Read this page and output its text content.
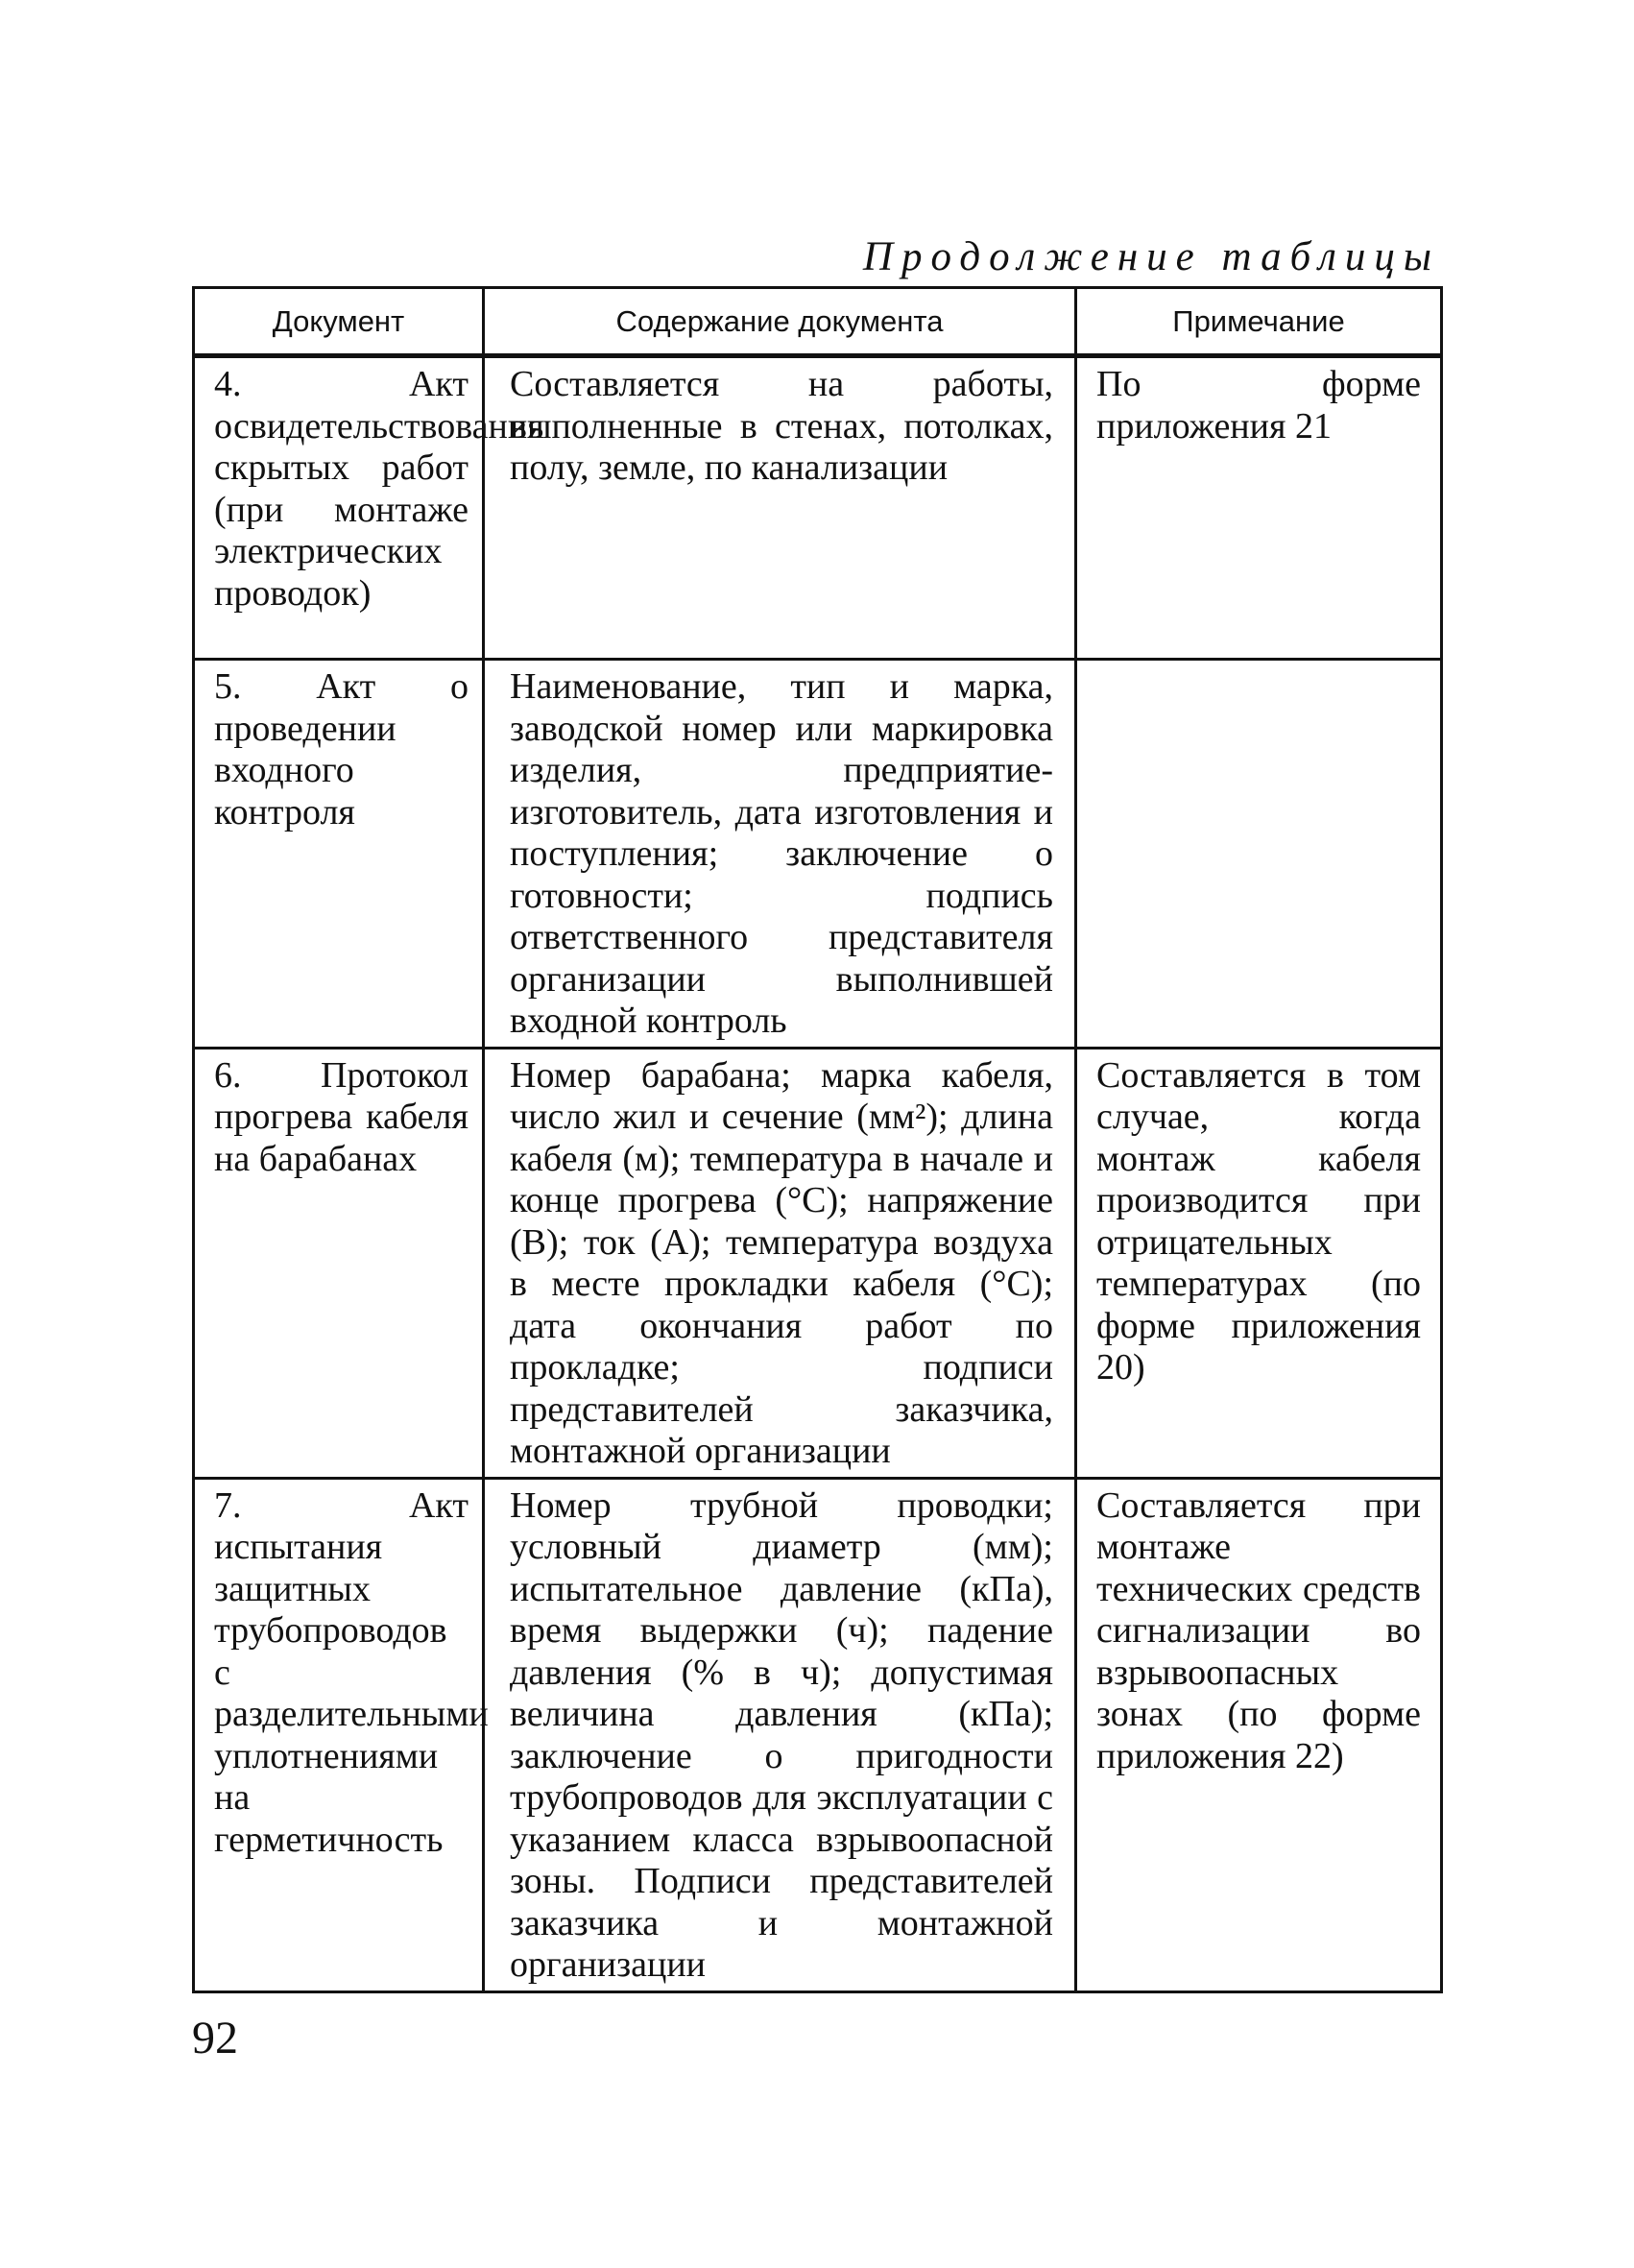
Продолжение таблицы
Документ	Содержание документа	Примечание
4. Акт освидетельствования скрытых работ (при монтаже электрических проводок)	Составляется на работы, выполненные в стенах, потолках, полу, земле, по канализации	По форме приложения 21
5. Акт о проведении входного контроля	Наименование, тип и марка, заводской номер или маркировка изделия, предприятие-изготовитель, дата изготовления и поступления; заключение о готовности; подпись ответственного представителя организации выполнившей входной контроль	
6. Протокол прогрева кабеля на барабанах	Номер барабана; марка кабеля, число жил и сечение (мм²); длина кабеля (м); температура в начале и конце прогрева (°С); напряжение (В); ток (А); температура воздуха в месте прокладки кабеля (°С); дата окончания работ по прокладке; подписи представителей заказчика, монтажной организации	Составляется в том случае, когда монтаж кабеля производится при отрицательных температурах (по форме приложения 20)
7. Акт испытания защитных трубопроводов с разделительными уплотнениями на герметичность	Номер трубной проводки; условный диаметр (мм); испытательное давление (кПа), время выдержки (ч); падение давления (% в ч); допустимая величина давления (кПа); заключение о пригодности трубопроводов для эксплуатации с указанием класса взрывоопасной зоны. Подписи представителей заказчика и монтажной организации	Составляется при монтаже технических средств сигнализации во взрывоопасных зонах (по форме приложения 22)
92
